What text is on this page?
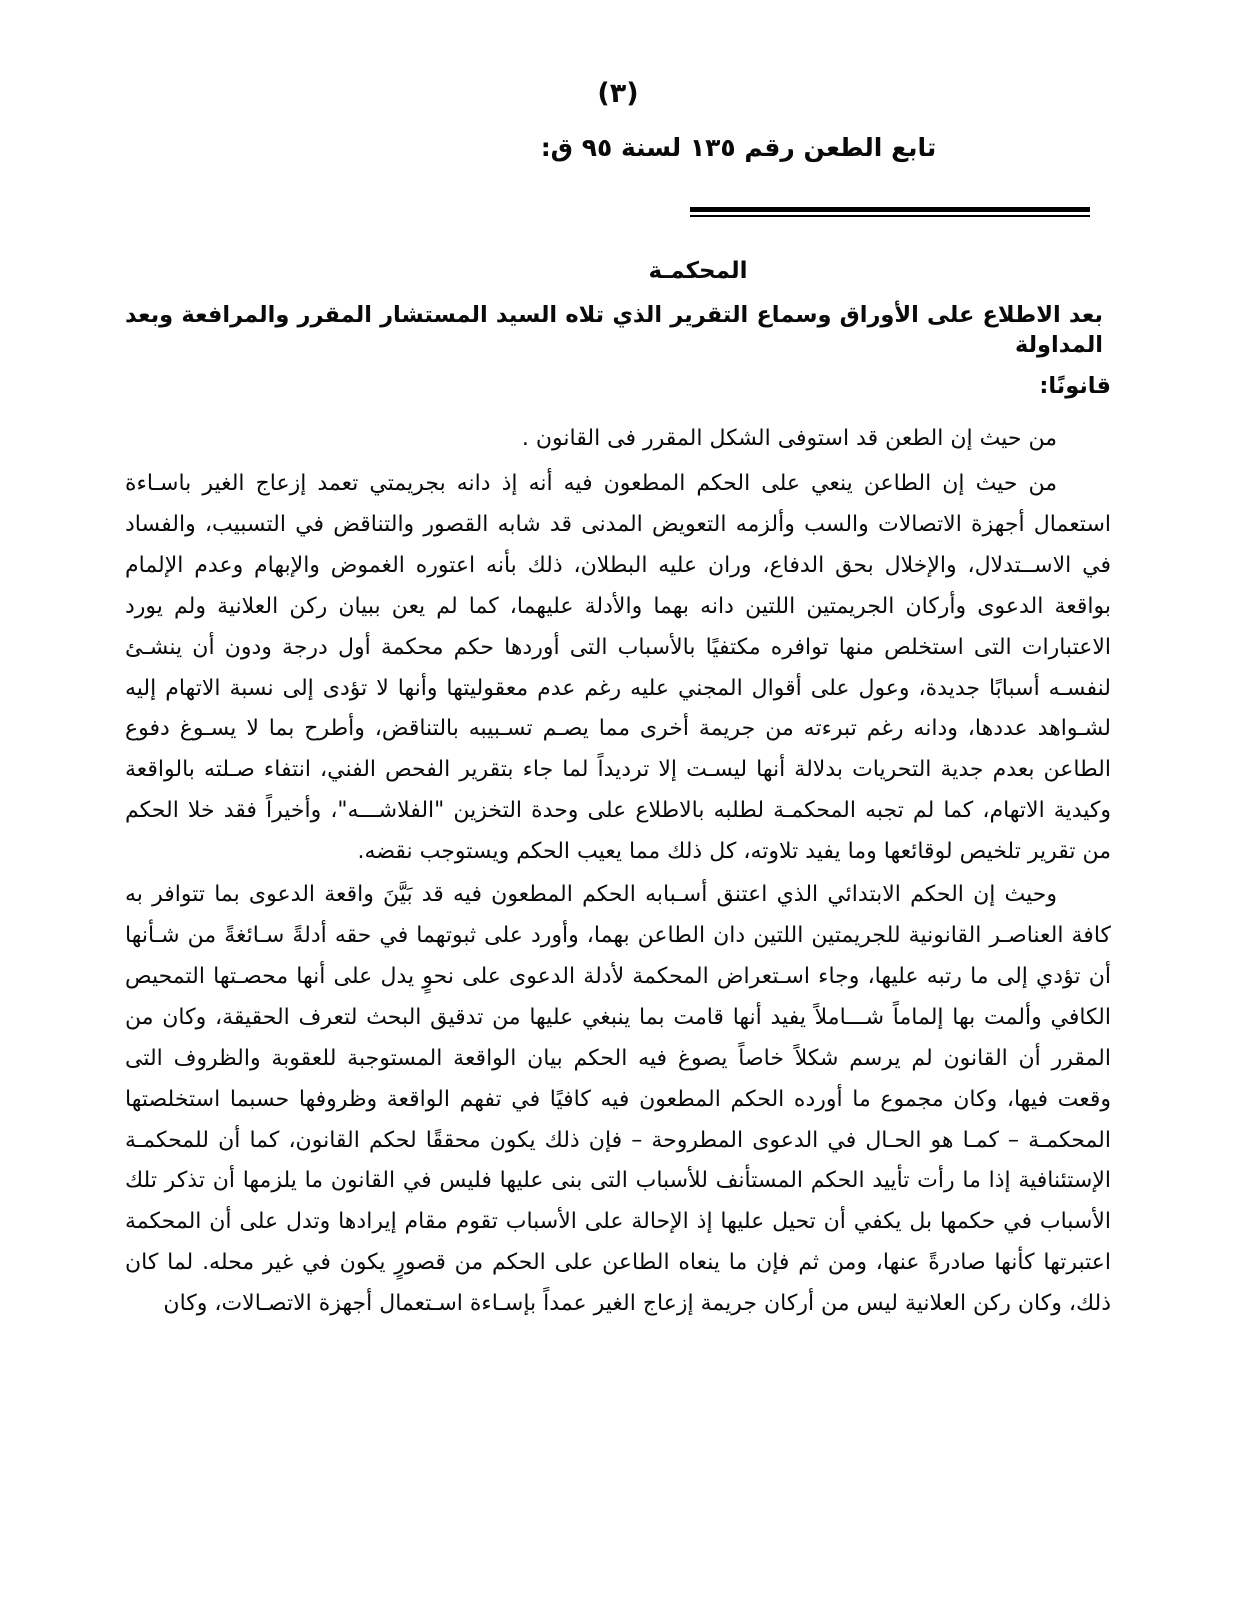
(٣)
تابع الطعن رقم ١٣٥ لسنة ٩٥ ق:
المحكمـة
بعد الاطلاع على الأوراق وسماع التقرير الذي تلاه السيد المستشار المقرر والمرافعة وبعد المداولة
قانونًا:

من حيث إن الطعن قد استوفى الشكل المقرر فى القانون .

من حيث إن الطاعن ينعي على الحكم المطعون فيه أنه إذ دانه بجريمتي تعمد إزعاج الغير باسـاءة استعمال أجهزة الاتصالات والسب وألزمه التعويض المدنى قد شابه القصور والتناقض في التسبيب، والفساد في الاســتدلال، والإخلال بحق الدفاع، وران عليه البطلان، ذلك بأنه اعتوره الغموض والإبهام وعدم الإلمام بواقعة الدعوى وأركان الجريمتين اللتين دانه بهما والأدلة عليهما، كما لم يعن ببيان ركن العلانية ولم يورد الاعتبارات التى استخلص منها توافره مكتفيًا بالأسباب التى أوردها حكم محكمة أول درجة ودون أن ينشـئ لنفسـه أسبابًا جديدة، وعول على أقوال المجني عليه رغم عدم معقوليتها وأنها لا تؤدى إلى نسبة الاتهام إليه لشـواهد عددها، ودانه رغم تبرءته من جريمة أخرى مما يصـم تسـبيبه بالتناقض، وأطرح بما لا يسـوغ دفوع الطاعن بعدم جدية التحريات بدلالة أنها ليسـت إلا ترديداً لما جاء بتقرير الفحص الفني، انتفاء صـلته بالواقعة وكيدية الاتهام، كما لم تجبه المحكمـة لطلبه بالاطلاع على وحدة التخزين "الفلاشـــه"، وأخيراً فقد خلا الحكم من تقرير تلخيص لوقائعها وما يفيد تلاوته، كل ذلك مما يعيب الحكم ويستوجب نقضه.

وحيث إن الحكم الابتدائي الذي اعتنق أسـبابه الحكم المطعون فيه قد بَيَّنَ واقعة الدعوى بما تتوافر به كافة العناصـر القانونية للجريمتين اللتين دان الطاعن بهما، وأورد على ثبوتهما في حقه أدلةً سـائغةً من شـأنها أن تؤدي إلى ما رتبه عليها، وجاء اسـتعراض المحكمة لأدلة الدعوى على نحوٍ يدل على أنها محصـتها التمحيص الكافي وألمت بها إلماماً شـــاملاً يفيد أنها قامت بما ينبغي عليها من تدقيق البحث لتعرف الحقيقة، وكان من المقرر أن القانون لم يرسم شكلاً خاصاً يصوغ فيه الحكم بيان الواقعة المستوجبة للعقوبة والظروف التى وقعت فيها، وكان مجموع ما أورده الحكم المطعون فيه كافيًا في تفهم الواقعة وظروفها حسبما استخلصتها المحكمـة – كمـا هو الحـال في الدعوى المطروحة – فإن ذلك يكون محققًا لحكم القانون، كما أن للمحكمـة الإستئنافية إذا ما رأت تأييد الحكم المستأنف للأسباب التى بنى عليها فليس في القانون ما يلزمها أن تذكر تلك الأسباب في حكمها بل يكفي أن تحيل عليها إذ الإحالة على الأسباب تقوم مقام إيرادها وتدل على أن المحكمة اعتبرتها كأنها صادرةً عنها، ومن ثم فإن ما ينعاه الطاعن على الحكم من قصورٍ يكون في غير محله. لما كان ذلك، وكان ركن العلانية ليس من أركان جريمة إزعاج الغير عمداً بإسـاءة اسـتعمال أجهزة الاتصـالات، وكان
